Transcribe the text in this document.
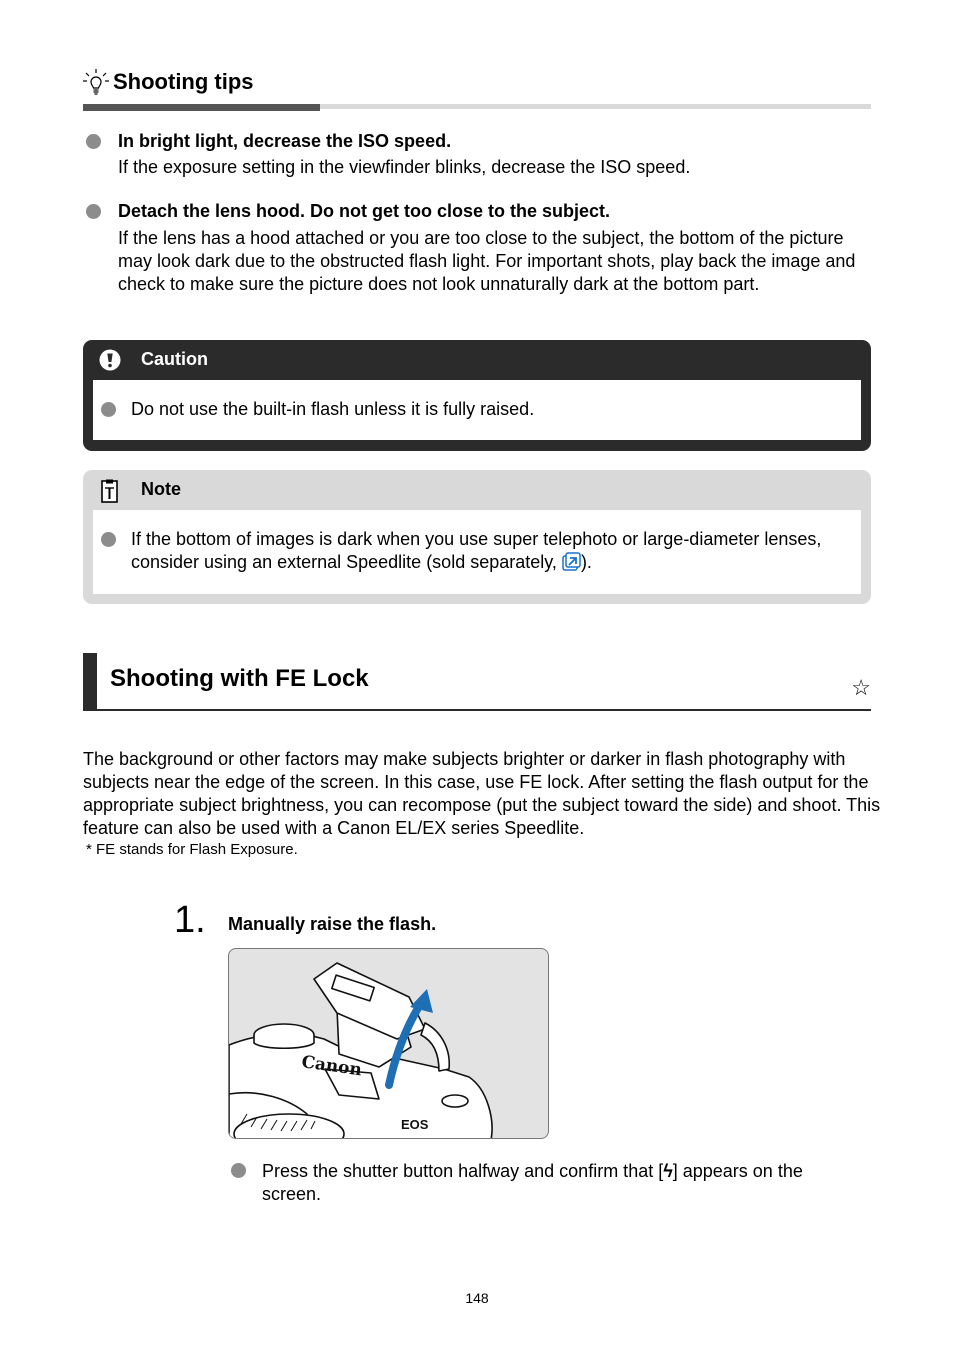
Shooting tips
In bright light, decrease the ISO speed.
If the exposure setting in the viewfinder blinks, decrease the ISO speed.
Detach the lens hood. Do not get too close to the subject.
If the lens has a hood attached or you are too close to the subject, the bottom of the picture may look dark due to the obstructed flash light. For important shots, play back the image and check to make sure the picture does not look unnaturally dark at the bottom part.
Caution
Do not use the built-in flash unless it is fully raised.
Note
If the bottom of images is dark when you use super telephoto or large-diameter lenses, consider using an external Speedlite (sold separately, ).
Shooting with FE Lock	☆
The background or other factors may make subjects brighter or darker in flash photography with subjects near the edge of the screen. In this case, use FE lock. After setting the flash output for the appropriate subject brightness, you can recompose (put the subject toward the side) and shoot. This feature can also be used with a Canon EL/EX series Speedlite.
* FE stands for Flash Exposure.
1. Manually raise the flash.
Canon
EOS
Press the shutter button halfway and confirm that [ϟ] appears on the screen.
148
